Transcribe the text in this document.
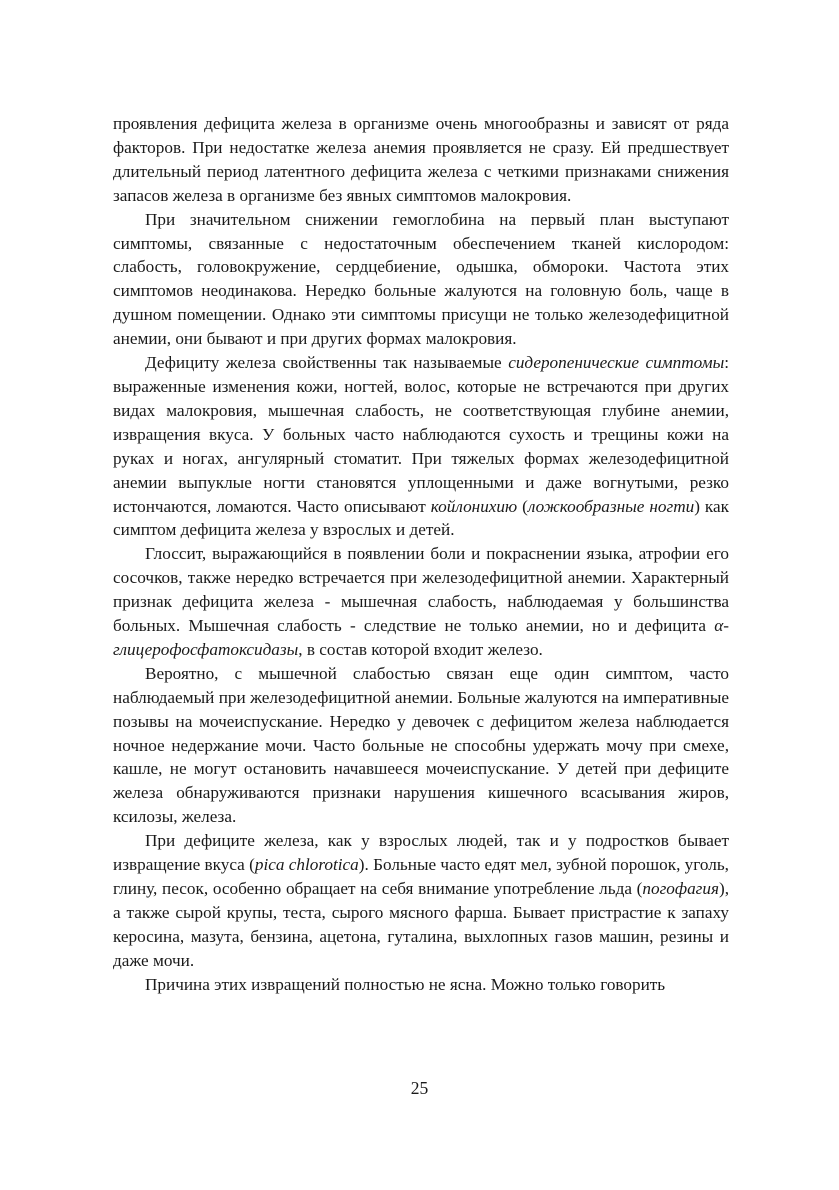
проявления дефицита железа в организме очень многообразны и зависят от ряда факторов. При недостатке железа анемия проявляется не сразу. Ей предшествует длительный период латентного дефицита железа с четкими признаками снижения запасов железа в организме без явных симптомов малокровия.

При значительном снижении гемоглобина на первый план выступают симптомы, связанные с недостаточным обеспечением тканей кислородом: слабость, головокружение, сердцебиение, одышка, обмороки. Частота этих симптомов неодинакова. Нередко больные жалуются на головную боль, чаще в душном помещении. Однако эти симптомы присущи не только железодефицитной анемии, они бывают и при других формах малокровия.

Дефициту железа свойственны так называемые сидеропенические симптомы: выраженные изменения кожи, ногтей, волос, которые не встречаются при других видах малокровия, мышечная слабость, не соответствующая глубине анемии, извращения вкуса. У больных часто наблюдаются сухость и трещины кожи на руках и ногах, ангулярный стоматит. При тяжелых формах железодефицитной анемии выпуклые ногти становятся уплощенными и даже вогнутыми, резко истончаются, ломаются. Часто описывают койлонихию (ложкообразные ногти) как симптом дефицита железа у взрослых и детей.

Глоссит, выражающийся в появлении боли и покраснении языка, атрофии его сосочков, также нередко встречается при железодефицитной анемии. Характерный признак дефицита железа - мышечная слабость, наблюдаемая у большинства больных. Мышечная слабость - следствие не только анемии, но и дефицита α-глицерофосфатоксидазы, в состав которой входит железо.

Вероятно, с мышечной слабостью связан еще один симптом, часто наблюдаемый при железодефицитной анемии. Больные жалуются на императивные позывы на мочеиспускание. Нередко у девочек с дефицитом железа наблюдается ночное недержание мочи. Часто больные не способны удержать мочу при смехе, кашле, не могут остановить начавшееся мочеиспускание. У детей при дефиците железа обнаруживаются признаки нарушения кишечного всасывания жиров, ксилозы, железа.

При дефиците железа, как у взрослых людей, так и у подростков бывает извращение вкуса (pica chlorotica). Больные часто едят мел, зубной порошок, уголь, глину, песок, особенно обращает на себя внимание употребление льда (погофагия), а также сырой крупы, теста, сырого мясного фарша. Бывает пристрастие к запаху керосина, мазута, бензина, ацетона, гуталина, выхлопных газов машин, резины и даже мочи.

Причина этих извращений полностью не ясна. Можно только говорить

25
